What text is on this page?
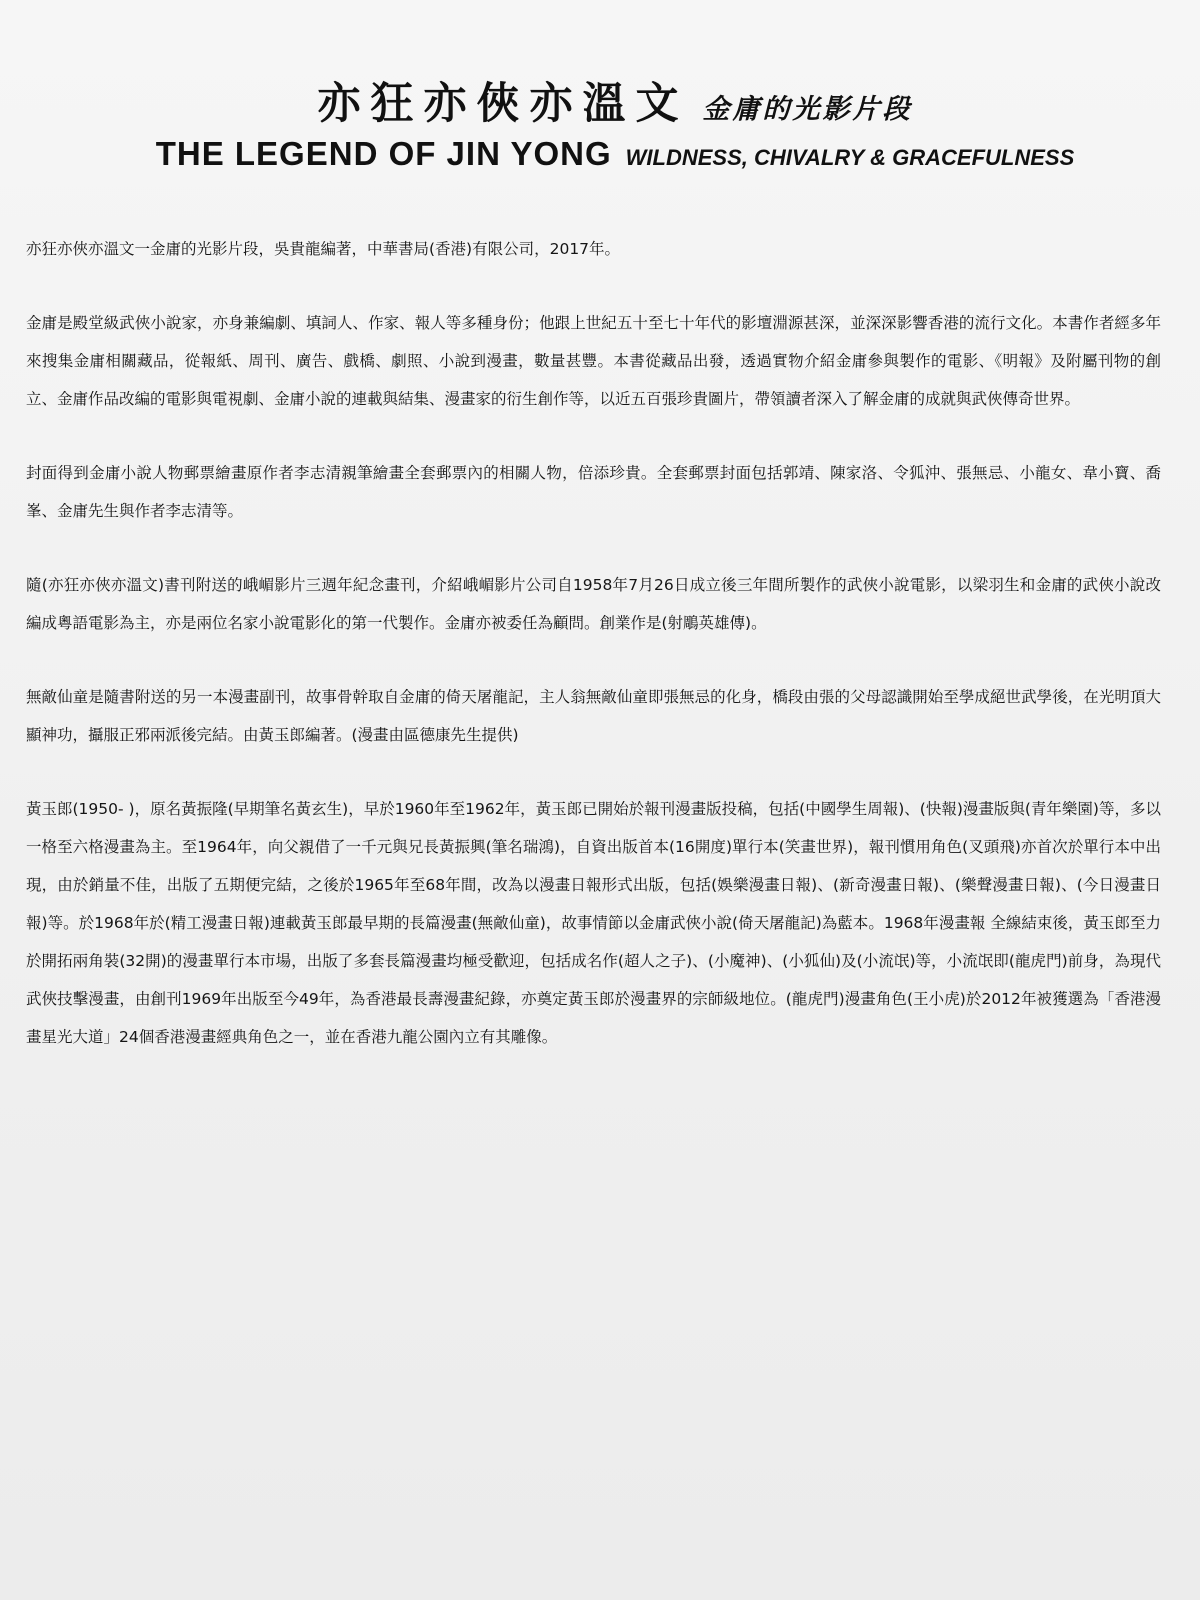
亦狂亦俠亦溫文 金庸的光影片段
THE LEGEND OF JIN YONG WILDNESS, CHIVALRY & GRACEFULNESS

亦狂亦俠亦溫文一金庸的光影片段，吳貴龍編著，中華書局(香港)有限公司，2017年。

金庸是殿堂級武俠小說家，亦身兼編劇、填詞人、作家、報人等多種身份；他跟上世紀五十至七十年代的影壇淵源甚深，並深深影響香港的流行文化。本書作者經多年來搜集金庸相關藏品，從報紙、周刊、廣告、戲橋、劇照、小說到漫畫，數量甚豐。本書從藏品出發，透過實物介紹金庸參與製作的電影、《明報》及附屬刊物的創立、金庸作品改編的電影與電視劇、金庸小說的連載與結集、漫畫家的衍生創作等，以近五百張珍貴圖片，帶領讀者深入了解金庸的成就與武俠傳奇世界。

封面得到金庸小說人物郵票繪畫原作者李志清親筆繪畫全套郵票內的相關人物，倍添珍貴。全套郵票封面包括郭靖、陳家洛、令狐沖、張無忌、小龍女、韋小寶、喬峯、金庸先生與作者李志清等。

隨(亦狂亦俠亦溫文)書刊附送的峨嵋影片三週年紀念畫刊，介紹峨嵋影片公司自1958年7月26日成立後三年間所製作的武俠小說電影，以梁羽生和金庸的武俠小說改編成粵語電影為主，亦是兩位名家小說電影化的第一代製作。金庸亦被委任為顧問。創業作是(射鵰英雄傳)。

無敵仙童是隨書附送的另一本漫畫副刊，故事骨幹取自金庸的倚天屠龍記，主人翁無敵仙童即張無忌的化身，橋段由張的父母認識開始至學成絕世武學後，在光明頂大顯神功，攝服正邪兩派後完結。由黃玉郎編著。(漫畫由區德康先生提供)

黃玉郎(1950- )，原名黃振隆(早期筆名黃玄生)，早於1960年至1962年，黃玉郎已開始於報刊漫畫版投稿，包括(中國學生周報)、(快報)漫畫版與(青年樂園)等，多以一格至六格漫畫為主。至1964年，向父親借了一千元與兄長黃振興(筆名瑞鴻)，自資出版首本(16開度)單行本(笑畫世界)，報刊慣用角色(叉頭飛)亦首次於單行本中出現，由於銷量不佳，出版了五期便完結，之後於1965年至68年間，改為以漫畫日報形式出版，包括(娛樂漫畫日報)、(新奇漫畫日報)、(樂聲漫畫日報)、(今日漫畫日報)等。於1968年於(精工漫畫日報)連載黃玉郎最早期的長篇漫畫(無敵仙童)，故事情節以金庸武俠小說(倚天屠龍記)為藍本。1968年漫畫報 全線結束後，黃玉郎至力於開拓兩角裝(32開)的漫畫單行本市場，出版了多套長篇漫畫均極受歡迎，包括成名作(超人之子)、(小魔神)、(小狐仙)及(小流氓)等，小流氓即(龍虎門)前身，為現代武俠技擊漫畫，由創刊1969年出版至今49年，為香港最長壽漫畫紀錄，亦奠定黃玉郎於漫畫界的宗師級地位。(龍虎門)漫畫角色(王小虎)於2012年被獲選為「香港漫畫星光大道」24個香港漫畫經典角色之一，並在香港九龍公園內立有其雕像。
